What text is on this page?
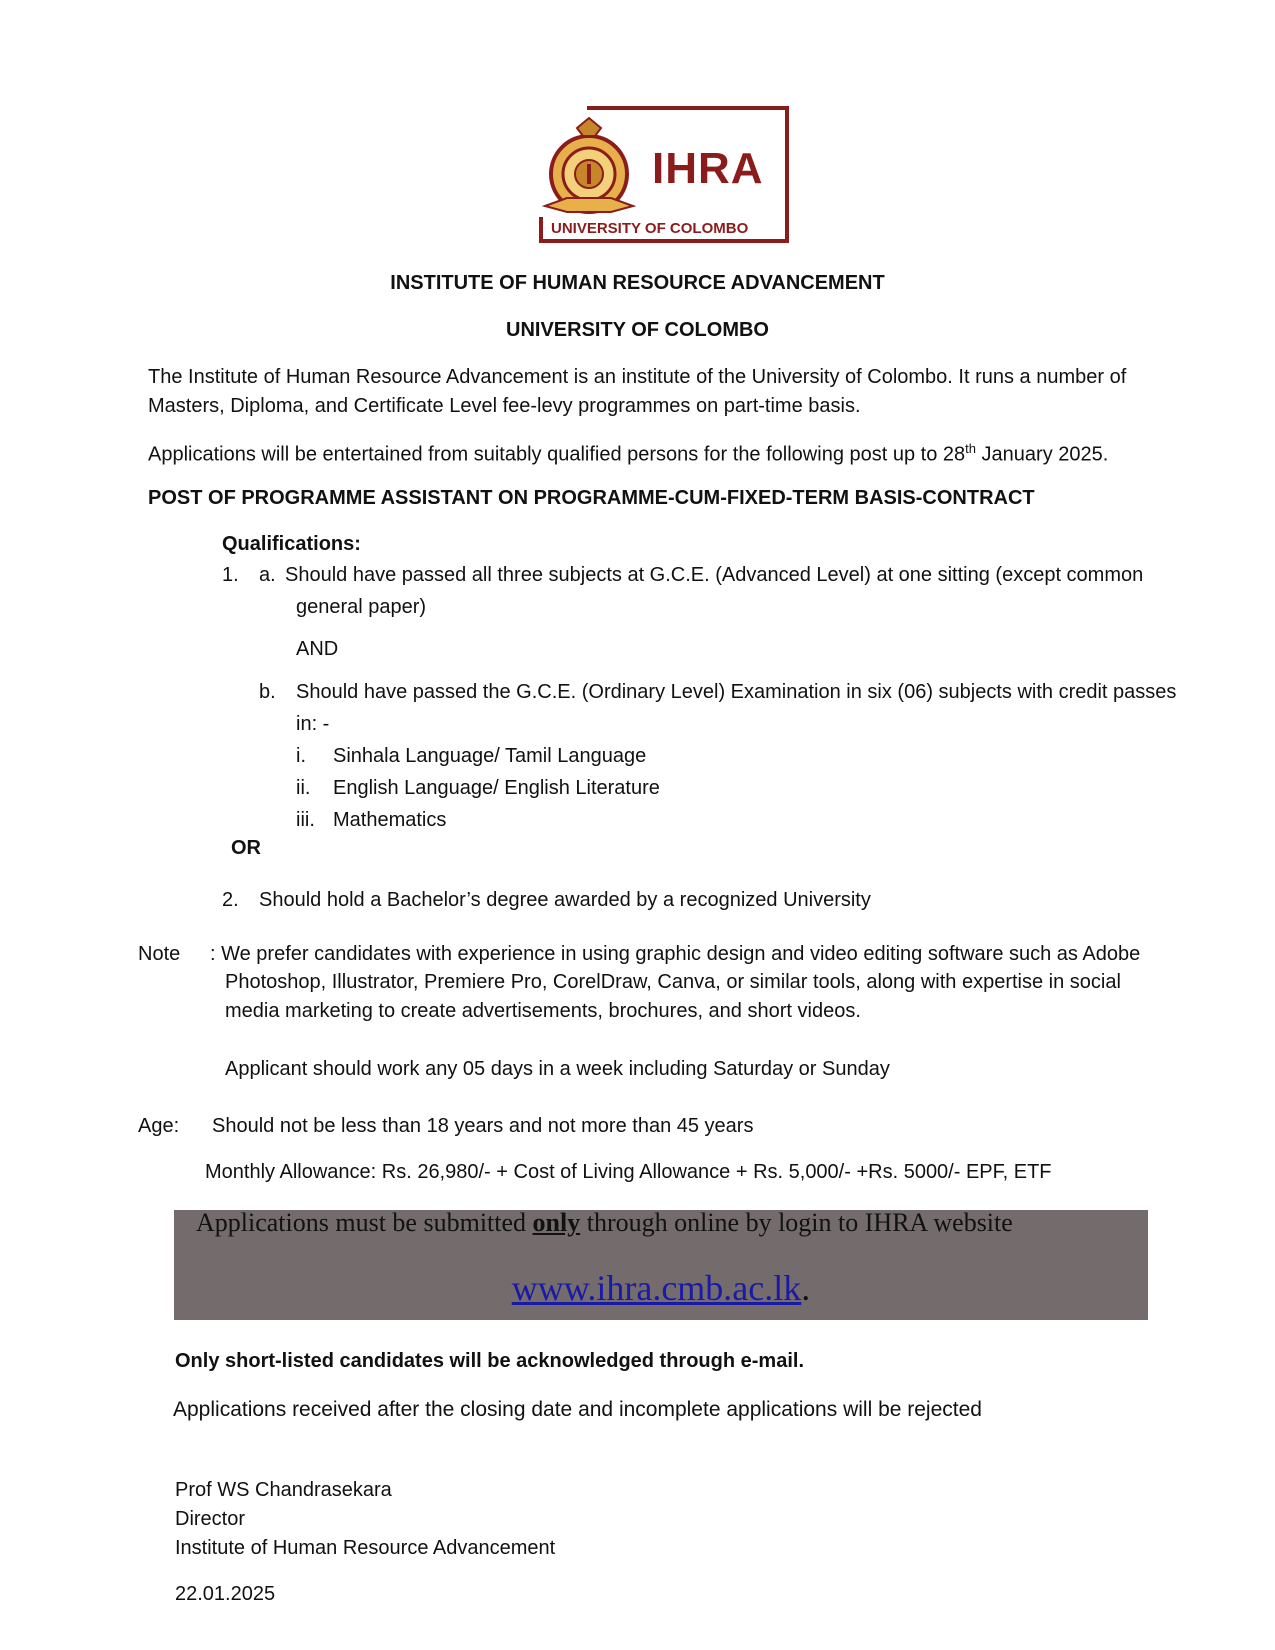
IHRA
UNIVERSITY OF COLOMBO
INSTITUTE OF HUMAN RESOURCE ADVANCEMENT
UNIVERSITY OF COLOMBO
The Institute of Human Resource Advancement is an institute of the University of Colombo. It runs a number of
Masters, Diploma, and Certificate Level fee-levy programmes on part-time basis.
Applications will be entertained from suitably qualified persons for the following post up to 28th January 2025.
POST OF PROGRAMME ASSISTANT ON PROGRAMME-CUM-FIXED-TERM BASIS-CONTRACT
Qualifications:
1. a. Should have passed all three subjects at G.C.E. (Advanced Level) at one sitting (except common
general paper)
AND
b. Should have passed the G.C.E. (Ordinary Level) Examination in six (06) subjects with credit passes
in: -
i. Sinhala Language/ Tamil Language
ii. English Language/ English Literature
iii. Mathematics
OR
2. Should hold a Bachelor’s degree awarded by a recognized University
Note : We prefer candidates with experience in using graphic design and video editing software such as Adobe
Photoshop, Illustrator, Premiere Pro, CorelDraw, Canva, or similar tools, along with expertise in social
media marketing to create advertisements, brochures, and short videos.
Applicant should work any 05 days in a week including Saturday or Sunday
Age: Should not be less than 18 years and not more than 45 years
Monthly Allowance: Rs. 26,980/- + Cost of Living Allowance + Rs. 5,000/- +Rs. 5000/- EPF, ETF
Applications must be submitted only through online by login to IHRA website
www.ihra.cmb.ac.lk.
Only short-listed candidates will be acknowledged through e-mail.
Applications received after the closing date and incomplete applications will be rejected
Prof WS Chandrasekara
Director
Institute of Human Resource Advancement
22.01.2025
